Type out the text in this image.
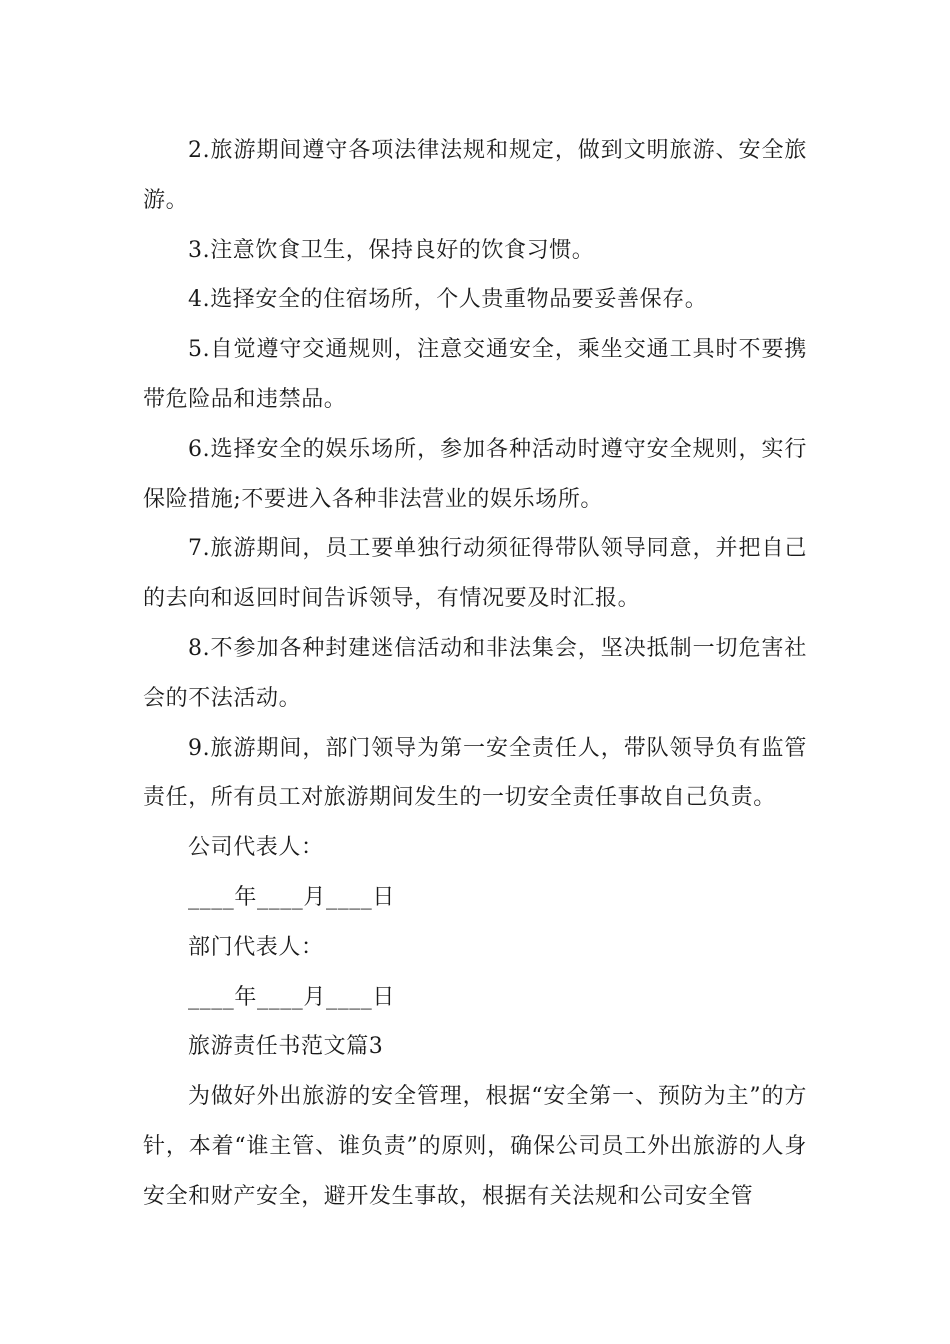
2.旅游期间遵守各项法律法规和规定，做到文明旅游、安全旅游。

3.注意饮食卫生，保持良好的饮食习惯。

4.选择安全的住宿场所，个人贵重物品要妥善保存。

5.自觉遵守交通规则，注意交通安全，乘坐交通工具时不要携带危险品和违禁品。

6.选择安全的娱乐场所，参加各种活动时遵守安全规则，实行保险措施;不要进入各种非法营业的娱乐场所。

7.旅游期间，员工要单独行动须征得带队领导同意，并把自己的去向和返回时间告诉领导，有情况要及时汇报。

8.不参加各种封建迷信活动和非法集会，坚决抵制一切危害社会的不法活动。

9.旅游期间，部门领导为第一安全责任人，带队领导负有监管责任，所有员工对旅游期间发生的一切安全责任事故自己负责。

公司代表人：

____年____月____日

部门代表人：

____年____月____日

旅游责任书范文篇3

为做好外出旅游的安全管理，根据“安全第一、预防为主”的方针，本着“谁主管、谁负责”的原则，确保公司员工外出旅游的人身安全和财产安全，避开发生事故，根据有关法规和公司安全管
